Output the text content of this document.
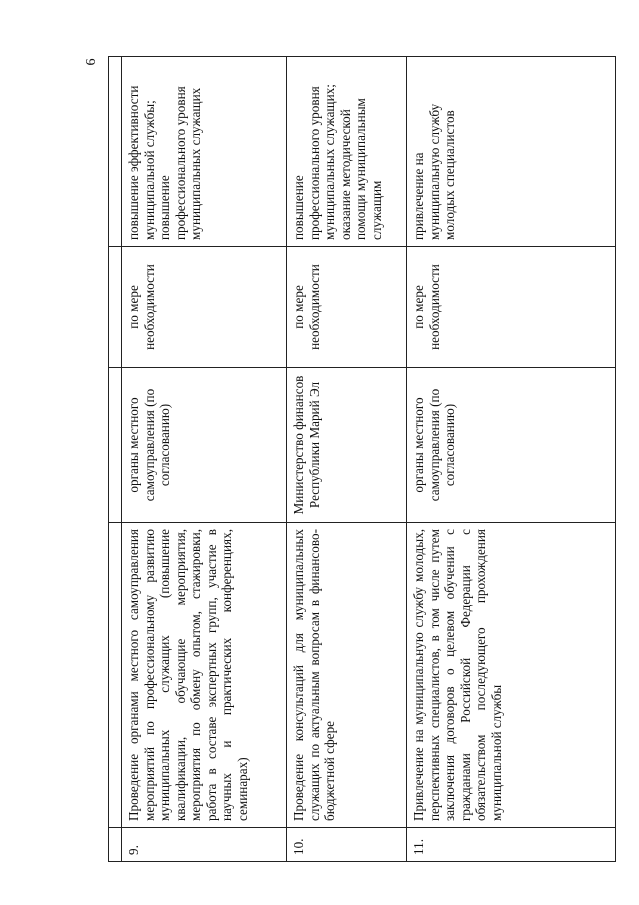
6

9.	Проведение органами местного самоуправления мероприятий по профессиональному развитию муниципальных служащих (повышение квалификации, обучающие мероприятия, мероприятия по обмену опытом, стажировки, работа в составе экспертных групп, участие в научных и практических конференциях, семинарах)	органы местного самоуправления (по согласованию)	по мере необходимости	повышение эффективности муниципальной службы; повышение профессионального уровня муниципальных служащих
10.	Проведение консультаций для муниципальных служащих по актуальным вопросам в финансово-бюджетной сфере	Министерство финансов Республики Марий Эл	по мере необходимости	повышение профессионального уровня муниципальных служащих; оказание методической помощи муниципальным служащим
11.	Привлечение на муниципальную службу молодых, перспективных специалистов, в том числе путем заключения договоров о целевом обучении с гражданами Российской Федерации с обязательством последующего прохождения муниципальной службы	органы местного самоуправления (по согласованию)	по мере необходимости	привлечение на муниципальную службу молодых специалистов
